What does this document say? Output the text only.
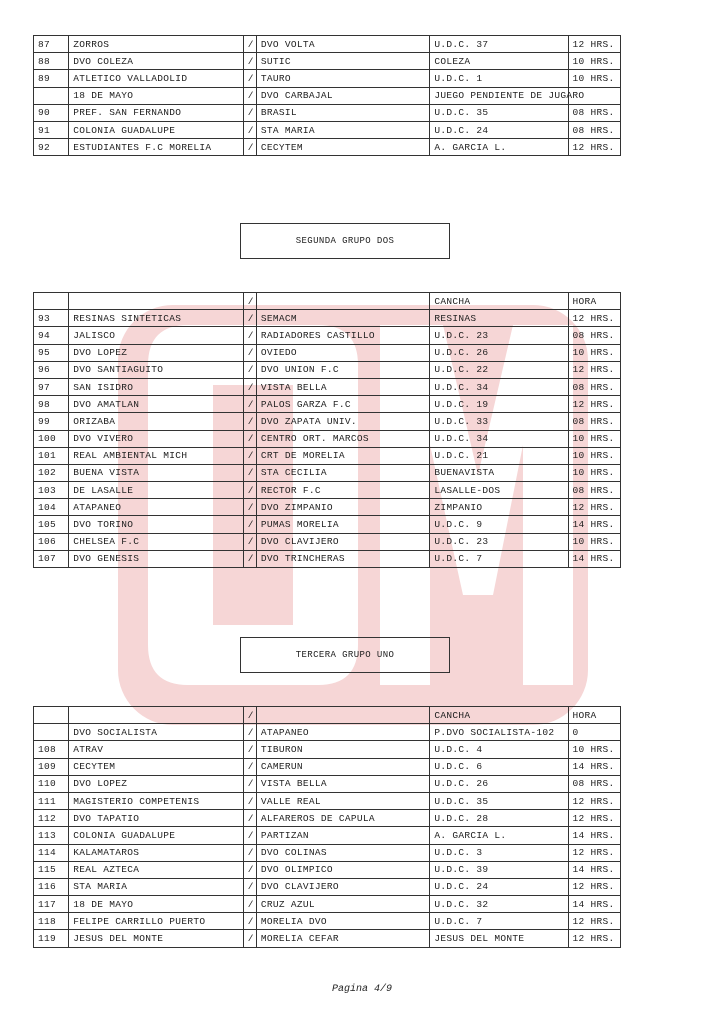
87	ZORROS	/	DVO VOLTA	U.D.C. 37	12 HRS.
88	DVO COLEZA	/	SUTIC	COLEZA	10 HRS.
89	ATLETICO VALLADOLID	/	TAURO	U.D.C. 1	10 HRS.
	18 DE MAYO	/	DVO CARBAJAL	JUEGO PENDIENTE DE JUGARO	
90	PREF. SAN FERNANDO	/	BRASIL	U.D.C. 35	08 HRS.
91	COLONIA GUADALUPE	/	STA MARIA	U.D.C. 24	08 HRS.
92	ESTUDIANTES F.C MORELIA	/	CECYTEM	A. GARCIA L.	12 HRS.
SEGUNDA GRUPO DOS
		/		CANCHA	HORA
93	RESINAS SINTETICAS	/	SEMACM	RESINAS	12 HRS.
94	JALISCO	/	RADIADORES CASTILLO	U.D.C. 23	08 HRS.
95	DVO LOPEZ	/	OVIEDO	U.D.C. 26	10 HRS.
96	DVO SANTIAGUITO	/	DVO UNION F.C	U.D.C. 22	12 HRS.
97	SAN ISIDRO	/	VISTA BELLA	U.D.C. 34	08 HRS.
98	DVO AMATLAN	/	PALOS GARZA F.C	U.D.C. 19	12 HRS.
99	ORIZABA	/	DVO ZAPATA UNIV.	U.D.C. 33	08 HRS.
100	DVO VIVERO	/	CENTRO ORT. MARCOS	U.D.C. 34	10 HRS.
101	REAL AMBIENTAL MICH	/	CRT DE MORELIA	U.D.C. 21	10 HRS.
102	BUENA VISTA	/	STA CECILIA	BUENAVISTA	10 HRS.
103	DE LASALLE	/	RECTOR F.C	LASALLE-DOS	08 HRS.
104	ATAPANEO	/	DVO ZIMPANIO	ZIMPANIO	12 HRS.
105	DVO TORINO	/	PUMAS MORELIA	U.D.C. 9	14 HRS.
106	CHELSEA F.C	/	DVO CLAVIJERO	U.D.C. 23	10 HRS.
107	DVO GENESIS	/	DVO TRINCHERAS	U.D.C. 7	14 HRS.
TERCERA GRUPO UNO
		/		CANCHA	HORA
	DVO SOCIALISTA	/	ATAPANEO	P.DVO SOCIALISTA-102	0
108	ATRAV	/	TIBURON	U.D.C. 4	10 HRS.
109	CECYTEM	/	CAMERUN	U.D.C. 6	14 HRS.
110	DVO LOPEZ	/	VISTA BELLA	U.D.C. 26	08 HRS.
111	MAGISTERIO COMPETENIS	/	VALLE REAL	U.D.C. 35	12 HRS.
112	DVO TAPATIO	/	ALFAREROS DE CAPULA	U.D.C. 28	12 HRS.
113	COLONIA GUADALUPE	/	PARTIZAN	A. GARCIA L.	14 HRS.
114	KALAMATAROS	/	DVO COLINAS	U.D.C. 3	12 HRS.
115	REAL AZTECA	/	DVO OLIMPICO	U.D.C. 39	14 HRS.
116	STA MARIA	/	DVO CLAVIJERO	U.D.C. 24	12 HRS.
117	18 DE MAYO	/	CRUZ AZUL	U.D.C. 32	14 HRS.
118	FELIPE CARRILLO PUERTO	/	MORELIA DVO	U.D.C. 7	12 HRS.
119	JESUS DEL MONTE	/	MORELIA CEFAR	JESUS DEL MONTE	12 HRS.
Pagina 4/9
